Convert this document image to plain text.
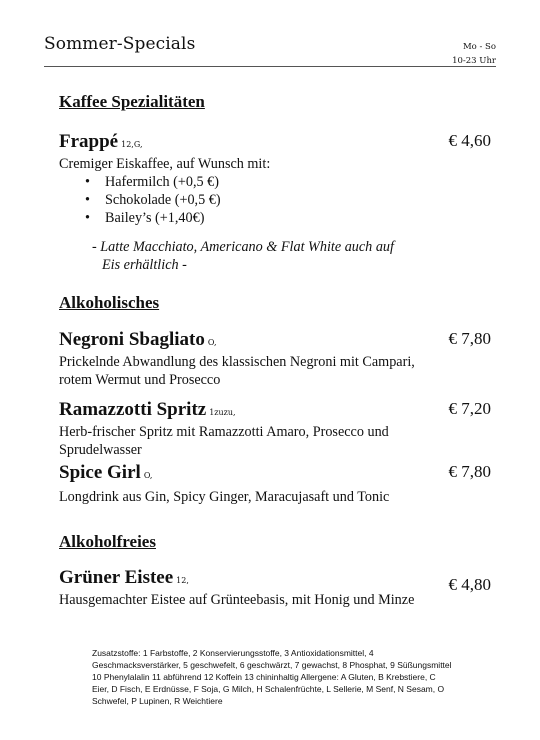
Sommer-Specials	Mo - So
10-23 Uhr
Kaffee Spezialitäten
Frappé 12,G,	€ 4,60
Cremiger Eiskaffee, auf Wunsch mit:
• Hafermilch (+0,5 €)
• Schokolade (+0,5 €)
• Bailey’s (+1,40€)
- Latte Macchiato, Americano & Flat White auch auf
Eis erhältlich -
Alkoholisches
Negroni Sbagliato O,	€ 7,80
Prickelnde Abwandlung des klassischen Negroni mit Campari, rotem Wermut und Prosecco
Ramazzotti Spritz 1zuzu,	€ 7,20
Herb-frischer Spritz mit Ramazzotti Amaro, Prosecco und Sprudelwasser
Spice Girl O,	€ 7,80
Longdrink aus Gin, Spicy Ginger, Maracujasaft und Tonic
Alkoholfreies
Grüner Eistee 12,	€ 4,80
Hausgemachter Eistee auf Grünteebasis, mit Honig und Minze
Zusatzstoffe: 1 Farbstoffe, 2 Konservierungsstoffe, 3 Antioxidationsmittel, 4 Geschmacksverstärker, 5 geschwefelt, 6 geschwärzt, 7 gewachst, 8 Phosphat, 9 Süßungsmittel 10 Phenylalalin 11 abführend 12 Koffein 13 chininhaltig Allergene: A Gluten, B Krebstiere, C Eier, D Fisch, E Erdnüsse, F Soja, G Milch, H Schalenfrüchte, L Sellerie, M Senf, N Sesam, O Schwefel, P Lupinen, R Weichtiere
